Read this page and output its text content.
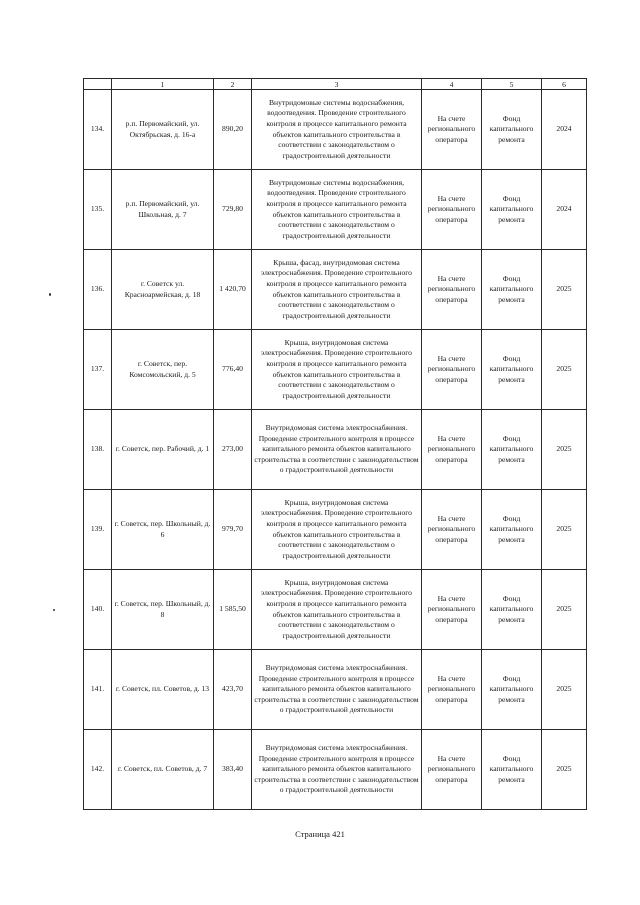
	1	2	3	4	5	6
134.	р.п. Первомайский, ул. Октябрьская, д. 16-а	890,20	Внутридомовые системы водоснабжения, водоотведения. Проведение строительного контроля в процессе капитального ремонта объектов капитального строительства в соответствии с законодательством о градостроительной деятельности	На счете регионального оператора	Фонд капитального ремонта	2024
135.	р.п. Первомайский, ул. Школьная, д. 7	729,80	Внутридомовые системы водоснабжения, водоотведения. Проведение строительного контроля в процессе капитального ремонта объектов капитального строительства в соответствии с законодательством о градостроительной деятельности	На счете регионального оператора	Фонд капитального ремонта	2024
136.	г. Советск ул. Красноармейская, д. 18	1 420,70	Крыша, фасад, внутридомовая система электроснабжения. Проведение строительного контроля в процессе капитального ремонта объектов капитального строительства в соответствии с законодательством о градостроительной деятельности	На счете регионального оператора	Фонд капитального ремонта	2025
137.	г. Советск, пер. Комсомольский, д. 5	776,40	Крыша, внутридомовая система электроснабжения. Проведение строительного контроля в процессе капитального ремонта объектов капитального строительства в соответствии с законодательством о градостроительной деятельности	На счете регионального оператора	Фонд капитального ремонта	2025
138.	г. Советск, пер. Рабочий, д. 1	273,00	Внутридомовая система электроснабжения. Проведение строительного контроля в процессе капитального ремонта объектов капитального строительства в соответствии с законодательством о градостроительной деятельности	На счете регионального оператора	Фонд капитального ремонта	2025
139.	г. Советск, пер. Школьный, д. 6	979,70	Крыша, внутридомовая система электроснабжения. Проведение строительного контроля в процессе капитального ремонта объектов капитального строительства в соответствии с законодательством о градостроительной деятельности	На счете регионального оператора	Фонд капитального ремонта	2025
140.	г. Советск, пер. Школьный, д. 8	1 585,50	Крыша, внутридомовая система электроснабжения. Проведение строительного контроля в процессе капитального ремонта объектов капитального строительства в соответствии с законодательством о градостроительной деятельности	На счете регионального оператора	Фонд капитального ремонта	2025
141.	г. Советск, пл. Советов, д. 13	423,70	Внутридомовая система электроснабжения. Проведение строительного контроля в процессе капитального ремонта объектов капитального строительства в соответствии с законодательством о градостроительной деятельности	На счете регионального оператора	Фонд капитального ремонта	2025
142.	г. Советск, пл. Советов, д. 7	383,40	Внутридомовая система электроснабжения. Проведение строительного контроля в процессе капитального ремонта объектов капитального строительства в соответствии с законодательством о градостроительной деятельности	На счете регионального оператора	Фонд капитального ремонта	2025
Страница 421
